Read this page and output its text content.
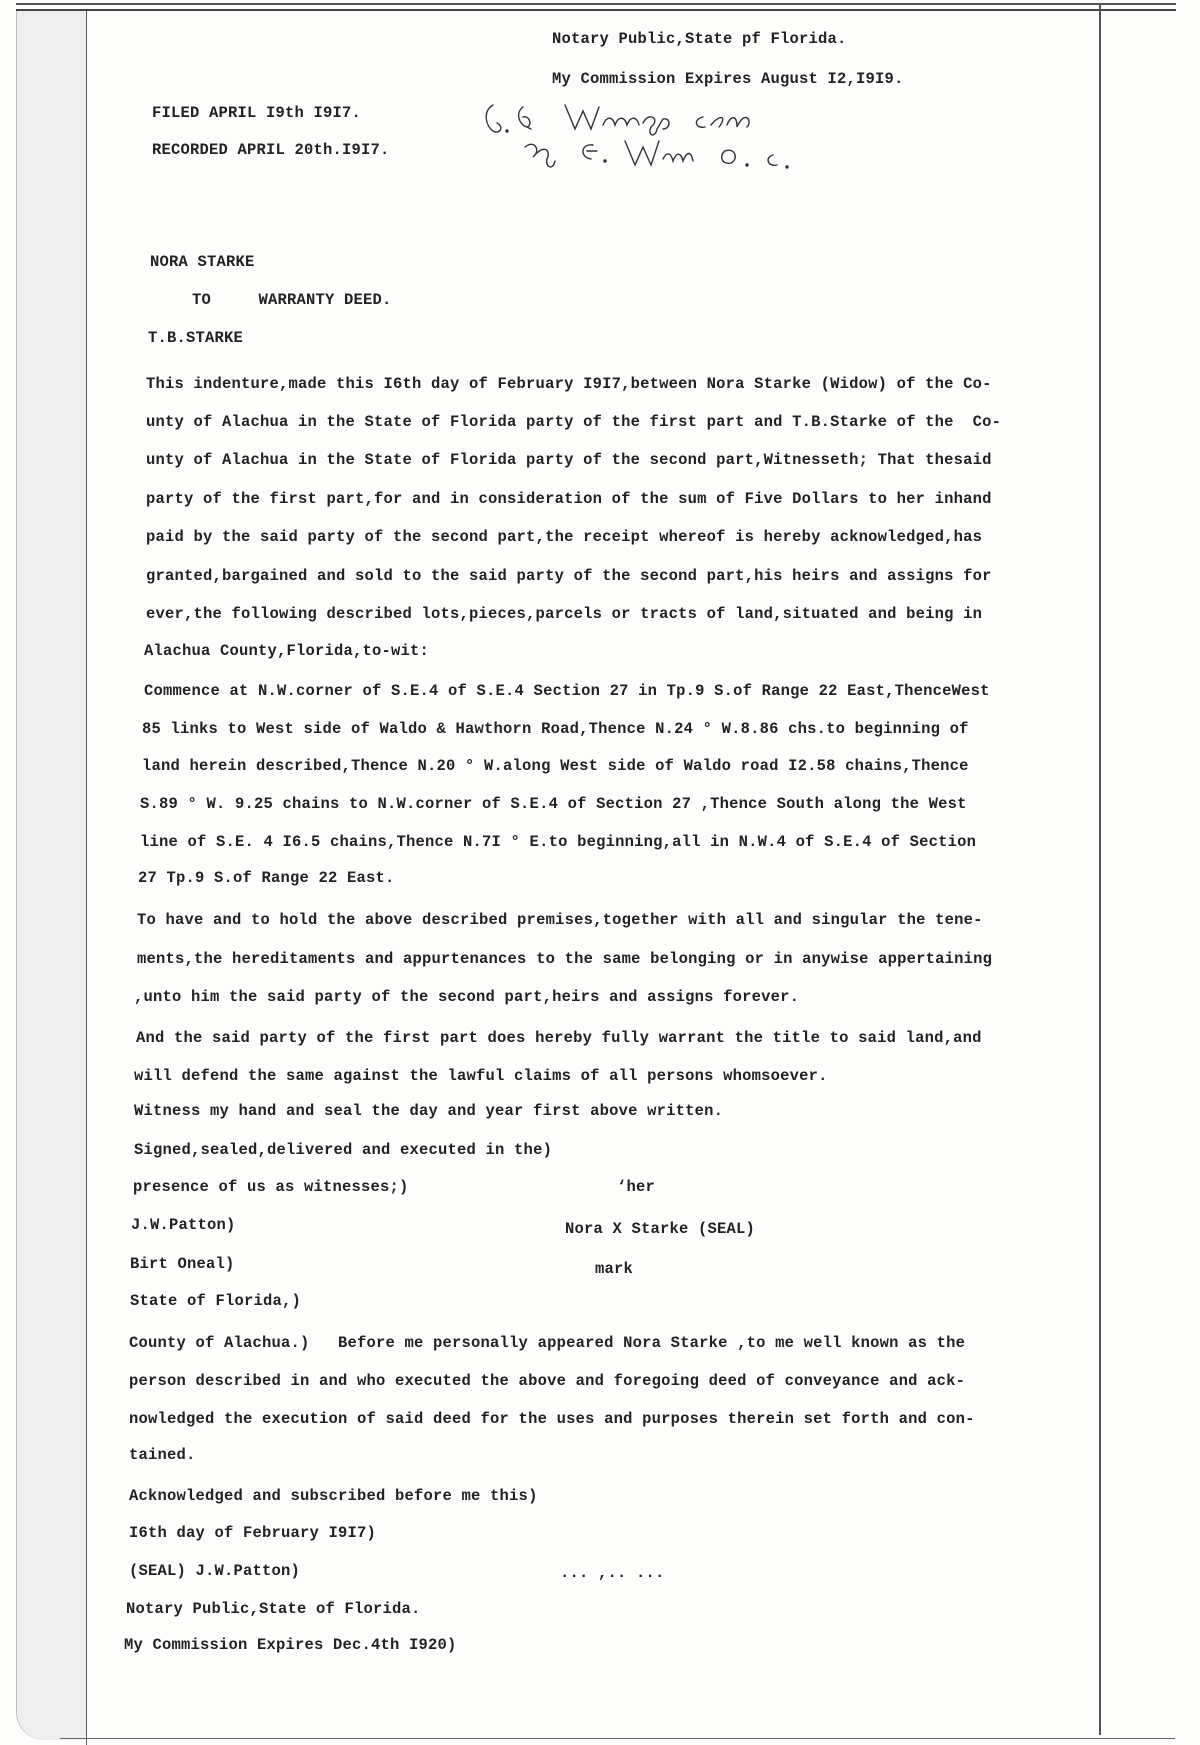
Notary Public,State pf Florida.
My Commission Expires August I2,I9I9.
FILED APRIL I9th I9I7.
RECORDED APRIL 20th.I9I7.
NORA STARKE
TO     WARRANTY DEED.
T.B.STARKE
This indenture,made this I6th day of February I9I7,between Nora Starke (Widow) of the Co-
unty of Alachua in the State of Florida party of the first part and T.B.Starke of the  Co-
unty of Alachua in the State of Florida party of the second part,Witnesseth; That thesaid
party of the first part,for and in consideration of the sum of Five Dollars to her inhand
paid by the said party of the second part,the receipt whereof is hereby acknowledged,has
granted,bargained and sold to the said party of the second part,his heirs and assigns for
ever,the following described lots,pieces,parcels or tracts of land,situated and being in
Alachua County,Florida,to-wit:
Commence at N.W.corner of S.E.4 of S.E.4 Section 27 in Tp.9 S.of Range 22 East,ThenceWest
85 links to West side of Waldo & Hawthorn Road,Thence N.24 ° W.8.86 chs.to beginning of
land herein described,Thence N.20 ° W.along West side of Waldo road I2.58 chains,Thence
S.89 ° W. 9.25 chains to N.W.corner of S.E.4 of Section 27 ,Thence South along the West
line of S.E. 4 I6.5 chains,Thence N.7I ° E.to beginning,all in N.W.4 of S.E.4 of Section
27 Tp.9 S.of Range 22 East.
To have and to hold the above described premises,together with all and singular the tene-
ments,the hereditaments and appurtenances to the same belonging or in anywise appertaining
,unto him the said party of the second part,heirs and assigns forever.
And the said party of the first part does hereby fully warrant the title to said land,and
will defend the same against the lawful claims of all persons whomsoever.
Witness my hand and seal the day and year first above written.
Signed,sealed,delivered and executed in the)
presence of us as witnesses;)	‘her
J.W.Patton)	Nora X Starke (SEAL)
Birt Oneal)	mark
State of Florida,)
County of Alachua.)   Before me personally appeared Nora Starke ,to me well known as the
person described in and who executed the above and foregoing deed of conveyance and ack-
nowledged the execution of said deed for the uses and purposes therein set forth and con-
tained.
Acknowledged and subscribed before me this)
I6th day of February I9I7)
(SEAL) J.W.Patton)	... ,.. ...
Notary Public,State of Florida.
My Commission Expires Dec.4th I920)
